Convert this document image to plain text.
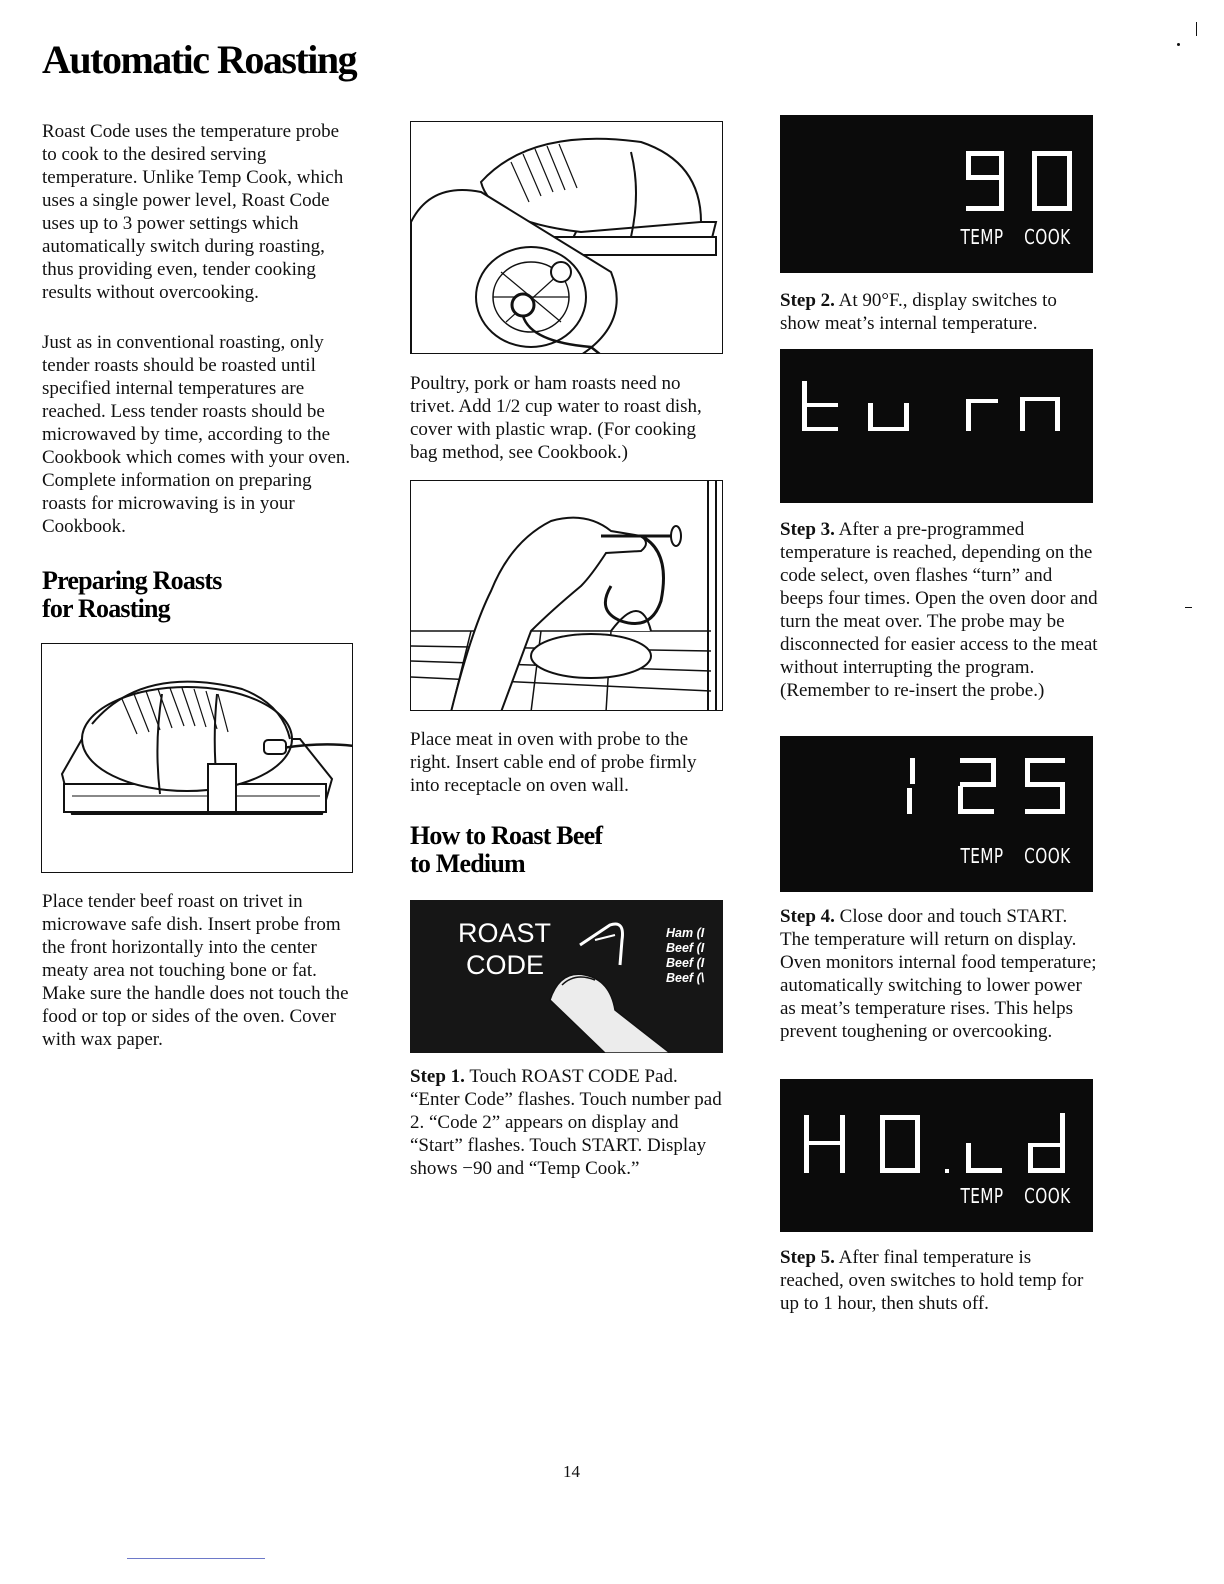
Automatic Roasting

Roast Code uses the temperature probe to cook to the desired serving temperature. Unlike Temp Cook, which uses a single power level, Roast Code uses up to 3 power settings which automatically switch during roasting, thus providing even, tender cooking results without overcooking.

Just as in conventional roasting, only tender roasts should be roasted until specified internal temperatures are reached. Less tender roasts should be microwaved by time, according to the Cookbook which comes with your oven. Complete information on preparing roasts for microwaving is in your Cookbook.

Preparing Roasts
for Roasting

Place tender beef roast on trivet in microwave safe dish. Insert probe from the front horizontally into the center meaty area not touching bone or fat. Make sure the handle does not touch the food or top or sides of the oven. Cover with wax paper.

Poultry, pork or ham roasts need no trivet. Add 1/2 cup water to roast dish, cover with plastic wrap. (For cooking bag method, see Cookbook.)

Place meat in oven with probe to the right. Insert cable end of probe firmly into receptacle on oven wall.

How to Roast Beef
to Medium
ROAST
CODE
Ham (I
Beef (I
Beef (I
Beef (\

Step 1. Touch ROAST CODE Pad. “Enter Code” flashes. Touch number pad 2. “Code 2” appears on display and “Start” flashes. Touch START. Display shows −90 and “Temp Cook.”

TEMP COOK

Step 2. At 90°F., display switches to show meat’s internal temperature.

Step 3. After a pre-programmed temperature is reached, depending on the code select, oven flashes “turn” and beeps four times. Open the oven door and turn the meat over. The probe may be disconnected for easier access to the meat without interrupting the program. (Remember to re-insert the probe.)

TEMP COOK

Step 4. Close door and touch START. The temperature will return on display. Oven monitors internal food temperature; automatically switching to lower power as meat’s temperature rises. This helps prevent toughening or overcooking.

TEMP COOK

Step 5. After final temperature is reached, oven switches to hold temp for up to 1 hour, then shuts off.

14
